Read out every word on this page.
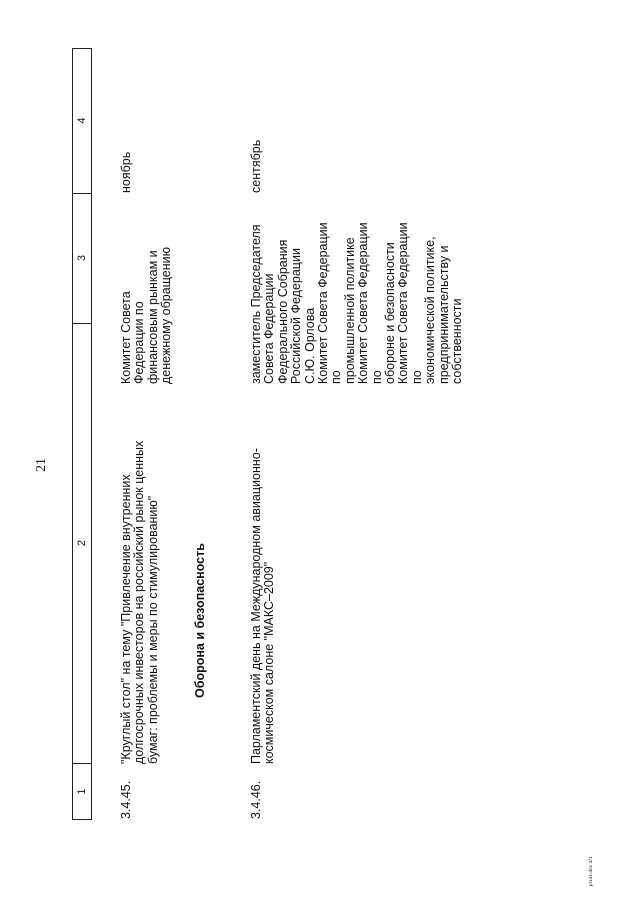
21
1
2
3
4
3.4.45.
"Круглый стол" на тему "Привлечение внутренних долгосрочных инвесторов на российский рынок ценных бумаг: проблемы и меры по стимулированию"
Комитет Совета Федерации по финансовым рынкам и денежному обращению
ноябрь
Оборона и безопасность
3.4.46.
Парламентский день на Международном авиационно- космическом салоне "МАКС–2009"
заместитель Председателя Совета Федерации Федерального Собрания Российской Федерации С.Ю. Орлова Комитет Совета Федерации по промышленной политике Комитет Совета Федерации по обороне и безопасности Комитет Совета Федерации по экономической политике, предпринимательству и собственности
сентябрь
pl144.doc 4/1
